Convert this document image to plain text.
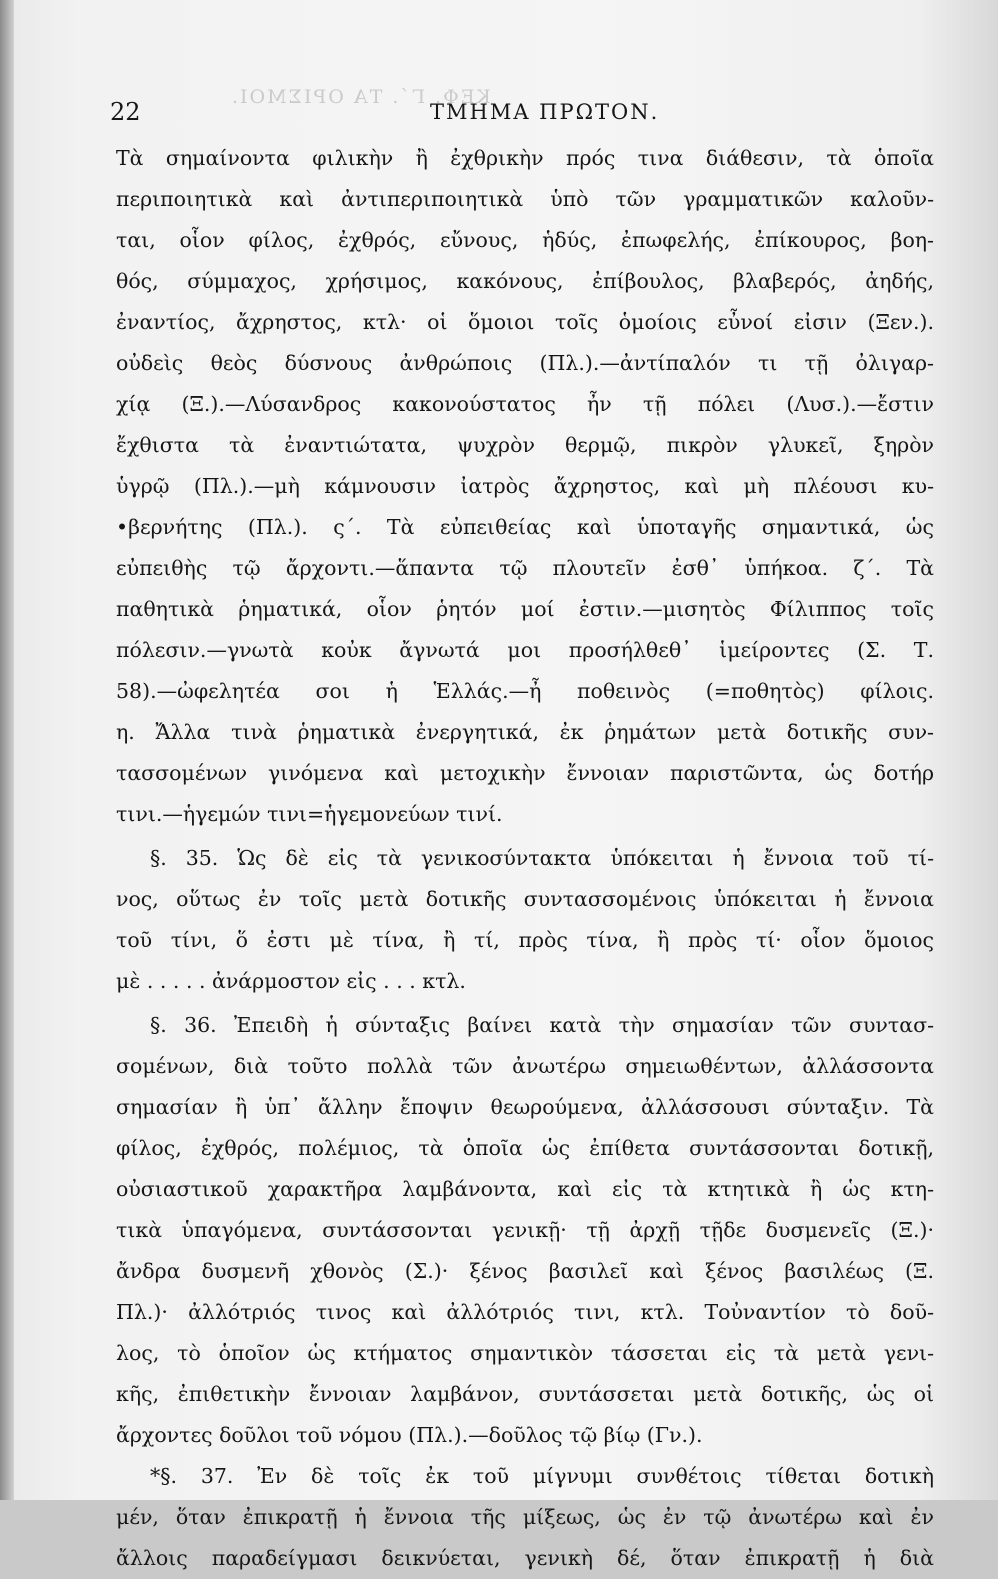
ΚΕΦ. Γ΄. ΤΑ ΟΡΙΣΜΟΙ.
22	ΤΜΗΜΑ ΠΡΩΤΟΝ.
Τὰ σημαίνοντα φιλικὴν ἢ ἐχθρικὴν πρός τινα διάθεσιν, τὰ ὁποῖα
περιποιητικὰ καὶ ἀντιπεριποιητικὰ ὑπὸ τῶν γραμματικῶν καλοῦν-
ται, οἷον φίλος, ἐχθρός, εὔνους, ἡδύς, ἐπωφελής, ἐπίκουρος, βοη-
θός, σύμμαχος, χρήσιμος, κακόνους, ἐπίβουλος, βλαβερός, ἀηδής,
ἐναντίος, ἄχρηστος, κτλ· οἱ ὅμοιοι τοῖς ὁμοίοις εὖνοί εἰσιν (Ξεν.).
οὐδεὶς θεὸς δύσνους ἀνθρώποις (Πλ.).—ἀντίπαλόν τι τῇ ὀλιγαρ-
χίᾳ (Ξ.).—Λύσανδρος κακονούστατος ἦν τῇ πόλει (Λυσ.).—ἔστιν
ἔχθιστα τὰ ἐναντιώτατα, ψυχρὸν θερμῷ, πικρὸν γλυκεῖ, ξηρὸν
ὑγρῷ (Πλ.).—μὴ κάμνουσιν ἰατρὸς ἄχρηστος, καὶ μὴ πλέουσι κυ-
•βερνήτης (Πλ.). ς΄. Τὰ εὐπειθείας καὶ ὑποταγῆς σημαντικά, ὡς
εὐπειθὴς τῷ ἄρχοντι.—ἅπαντα τῷ πλουτεῖν ἐσθ᾽ ὑπήκοα. ζ΄. Τὰ
παθητικὰ ῥηματικά, οἷον ῥητόν μοί ἐστιν.—μισητὸς Φίλιππος τοῖς
πόλεσιν.—γνωτὰ κοὐκ ἄγνωτά μοι προσήλθεθ᾽ ἱμείροντες (Σ. Τ.
58).—ὠφελητέα σοι ἡ Ἑλλάς.—ἦ ποθεινὸς (=ποθητὸς) φίλοις.
η. Ἄλλα τινὰ ῥηματικὰ ἐνεργητικά, ἐκ ῥημάτων μετὰ δοτικῆς συν-
τασσομένων γινόμενα καὶ μετοχικὴν ἔννοιαν παριστῶντα, ὡς δοτήρ
τινι.—ἡγεμών τινι=ἡγεμονεύων τινί.
§. 35. Ὡς δὲ εἰς τὰ γενικοσύντακτα ὑπόκειται ἡ ἔννοια τοῦ τί-
νος, οὕτως ἐν τοῖς μετὰ δοτικῆς συντασσομένοις ὑπόκειται ἡ ἔννοια
τοῦ τίνι, ὅ ἐστι μὲ τίνα, ἢ τί, πρὸς τίνα, ἢ πρὸς τί· οἷον ὅμοιος
μὲ . . . . . ἀνάρμοστον εἰς . . . κτλ.
§. 36. Ἐπειδὴ ἡ σύνταξις βαίνει κατὰ τὴν σημασίαν τῶν συντασ-
σομένων, διὰ τοῦτο πολλὰ τῶν ἀνωτέρω σημειωθέντων, ἀλλάσσοντα
σημασίαν ἢ ὑπ᾽ ἄλλην ἔποψιν θεωρούμενα, ἀλλάσσουσι σύνταξιν. Τὰ
φίλος, ἐχθρός, πολέμιος, τὰ ὁποῖα ὡς ἐπίθετα συντάσσονται δοτικῇ,
οὐσιαστικοῦ χαρακτῆρα λαμβάνοντα, καὶ εἰς τὰ κτητικὰ ἢ ὡς κτη-
τικὰ ὑπαγόμενα, συντάσσονται γενικῇ· τῇ ἀρχῇ τῇδε δυσμενεῖς (Ξ.)·
ἄνδρα δυσμενῆ χθονὸς (Σ.)· ξένος βασιλεῖ καὶ ξένος βασιλέως (Ξ.
Πλ.)· ἀλλότριός τινος καὶ ἀλλότριός τινι, κτλ. Τοὐναντίον τὸ δοῦ-
λος, τὸ ὁποῖον ὡς κτήματος σημαντικὸν τάσσεται εἰς τὰ μετὰ γενι-
κῆς, ἐπιθετικὴν ἔννοιαν λαμβάνον, συντάσσεται μετὰ δοτικῆς, ὡς οἱ
ἄρχοντες δοῦλοι τοῦ νόμου (Πλ.).—δοῦλος τῷ βίῳ (Γν.).
*§. 37. Ἐν δὲ τοῖς ἐκ τοῦ μίγνυμι συνθέτοις τίθεται δοτικὴ
μέν, ὅταν ἐπικρατῇ ἡ ἔννοια τῆς μίξεως, ὡς ἐν τῷ ἀνωτέρω καὶ ἐν
ἄλλοις παραδείγμασι δεικνύεται, γενικὴ δέ, ὅταν ἐπικρατῇ ἡ διὰ
